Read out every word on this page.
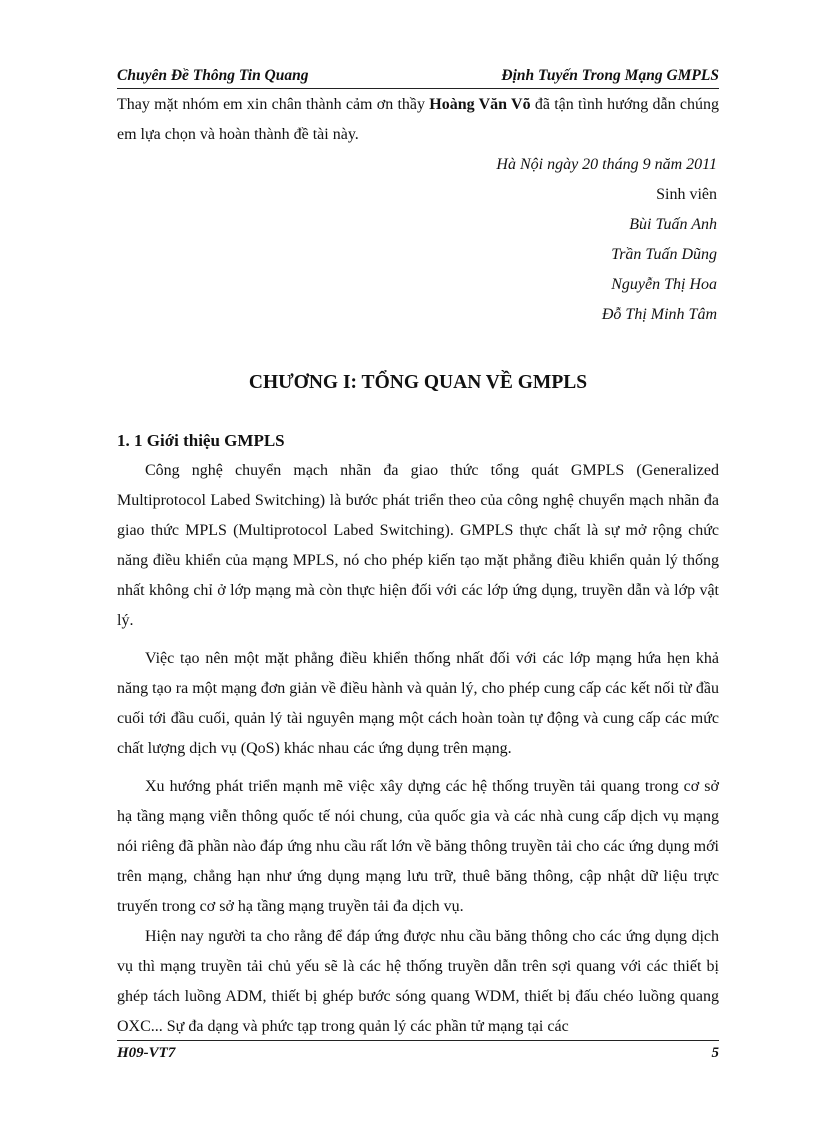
Chuyên Đề Thông Tin Quang	Định Tuyến Trong Mạng GMPLS

Thay mặt nhóm em xin chân thành cảm ơn thầy Hoàng Văn Võ đã tận tình hướng dẫn chúng em lựa chọn và hoàn thành đề tài này.

Hà Nội ngày 20 tháng 9 năm 2011
Sinh viên
Bùi Tuấn Anh
Trần Tuấn Dũng
Nguyễn Thị Hoa
Đỗ Thị Minh Tâm
CHƯƠNG I: TỔNG QUAN VỀ GMPLS
1. 1 Giới thiệu GMPLS

Công nghệ chuyển mạch nhãn đa giao thức tổng quát GMPLS (Generalized Multiprotocol Labed Switching) là bước phát triển theo của công nghệ chuyển mạch nhãn đa giao thức MPLS (Multiprotocol Labed Switching). GMPLS thực chất là sự mở rộng chức năng điều khiển của mạng MPLS, nó cho phép kiến tạo mặt phẳng điều khiển quản lý thống nhất không chỉ ở lớp mạng mà còn thực hiện đối với các lớp ứng dụng, truyền dẫn và lớp vật lý.

Việc tạo nên một mặt phẳng điều khiển thống nhất đối với các lớp mạng hứa hẹn khả năng tạo ra một mạng đơn giản về điều hành và quản lý, cho phép cung cấp các kết nối từ đầu cuối tới đầu cuối, quản lý tài nguyên mạng một cách hoàn toàn tự động và cung cấp các mức chất lượng dịch vụ (QoS) khác nhau các ứng dụng trên mạng.

Xu hướng phát triển mạnh mẽ việc xây dựng các hệ thống truyền tải quang trong cơ sở hạ tầng mạng viễn thông quốc tế nói chung, của quốc gia và các nhà cung cấp dịch vụ mạng nói riêng đã phần nào đáp ứng nhu cầu rất lớn về băng thông truyền tải cho các ứng dụng mới trên mạng, chẳng hạn như ứng dụng mạng lưu trữ, thuê băng thông, cập nhật dữ liệu trực truyến trong cơ sở hạ tầng mạng truyền tải đa dịch vụ.

Hiện nay người ta cho rằng để đáp ứng được nhu cầu băng thông cho các ứng dụng dịch vụ thì mạng truyền tải chủ yếu sẽ là các hệ thống truyền dẫn trên sợi quang với các thiết bị ghép tách luồng ADM, thiết bị ghép bước sóng quang WDM, thiết bị đấu chéo luồng quang OXC... Sự đa dạng và phức tạp trong quản lý các phần tử mạng tại các

H09-VT7	5
